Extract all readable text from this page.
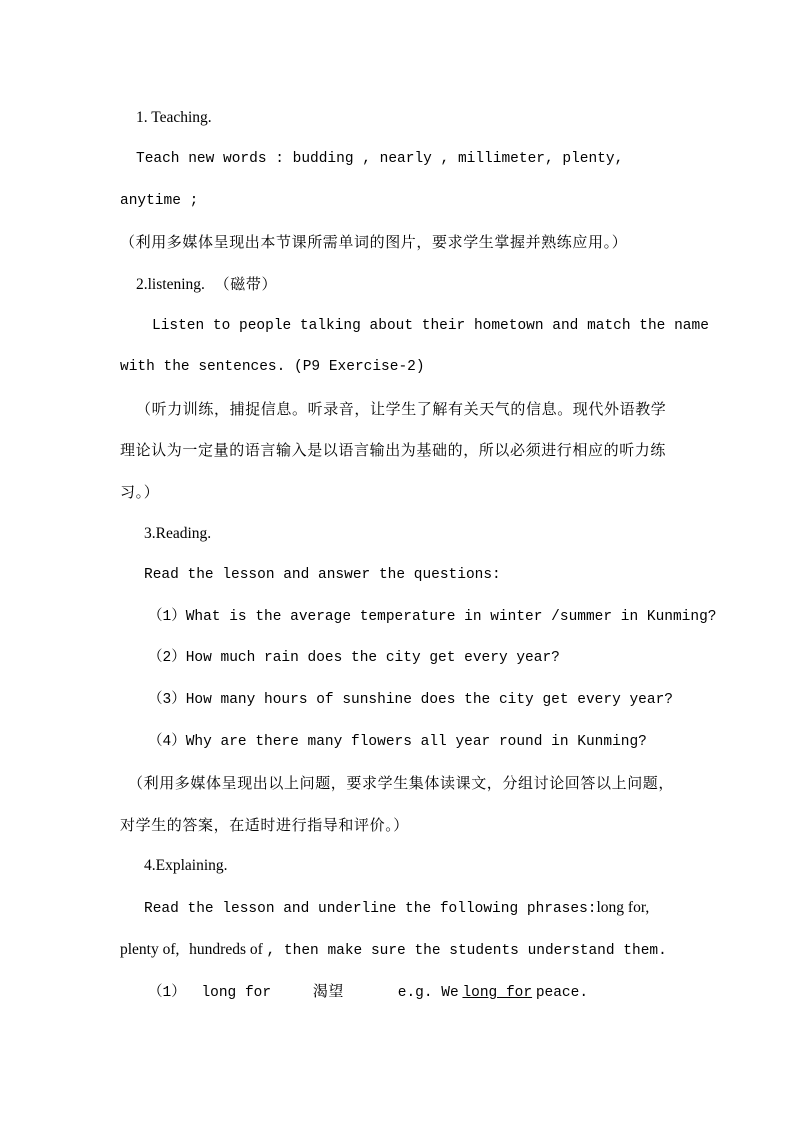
1. Teaching.
Teach new words : budding , nearly , millimeter, plenty,
anytime ;
（利用多媒体呈现出本节课所需单词的图片，要求学生掌握并熟练应用。）
2.listening. （磁带）
Listen to people talking about their hometown and match the name
with the sentences. (P9 Exercise-2)
（听力训练，捕捉信息。听录音，让学生了解有关天气的信息。现代外语教学
理论认为一定量的语言输入是以语言输出为基础的，所以必须进行相应的听力练
习。）
3.Reading.
Read the lesson and answer the questions:
（1）What is the average temperature in winter /summer in Kunming?
（2）How much rain does the city get every year?
（3）How many hours of sunshine does the city get every year?
（4）Why are there many flowers all year round in Kunming?
（利用多媒体呈现出以上问题，要求学生集体读课文，分组讨论回答以上问题，
对学生的答案，在适时进行指导和评价。）
4.Explaining.
Read the lesson and underline the following phrases:long for,
plenty of, hundreds of , then make sure the students understand them.
（1） long for	渴望	e.g. We long for peace.
